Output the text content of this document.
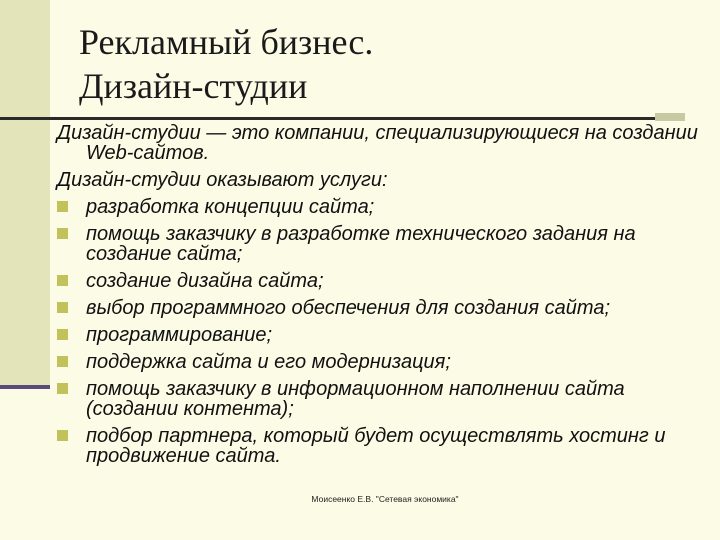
Рекламный бизнес.
Дизайн-студии

Дизайн-студии — это компании, специализирующиеся на создании Web-сайтов.

Дизайн-студии оказывают услуги:

разработка концепции сайта;
помощь заказчику в разработке технического задания на создание сайта;
создание дизайна сайта;
выбор программного обеспечения для создания сайта;
программирование;
поддержка сайта и его модернизация;
помощь заказчику в информационном наполнении сайта (создании контента);
подбор партнера, который будет осуществлять хостинг и продвижение сайта.
Моисеенко Е.В. "Сетевая экономика"
